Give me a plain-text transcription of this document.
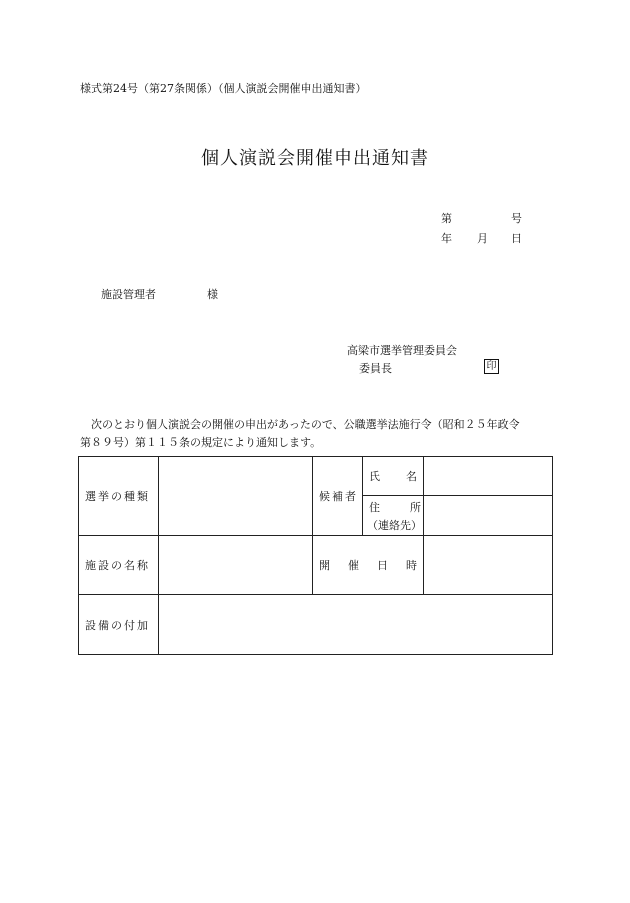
様式第24号（第27条関係）（個人演説会開催申出通知書）
個人演説会開催申出通知書
第	号
年 月 日
施設管理者	様
高梁市選挙管理委員会
委員長	印
次のとおり個人演説会の開催の申出があったので、公職選挙法施行令（昭和２５年政令
第８９号）第１１５条の規定により通知します。
選挙の種類		候補者	氏 名	

			住 所
（連絡先）	

施設の名称		開 催 日 時		

設備の付加				
